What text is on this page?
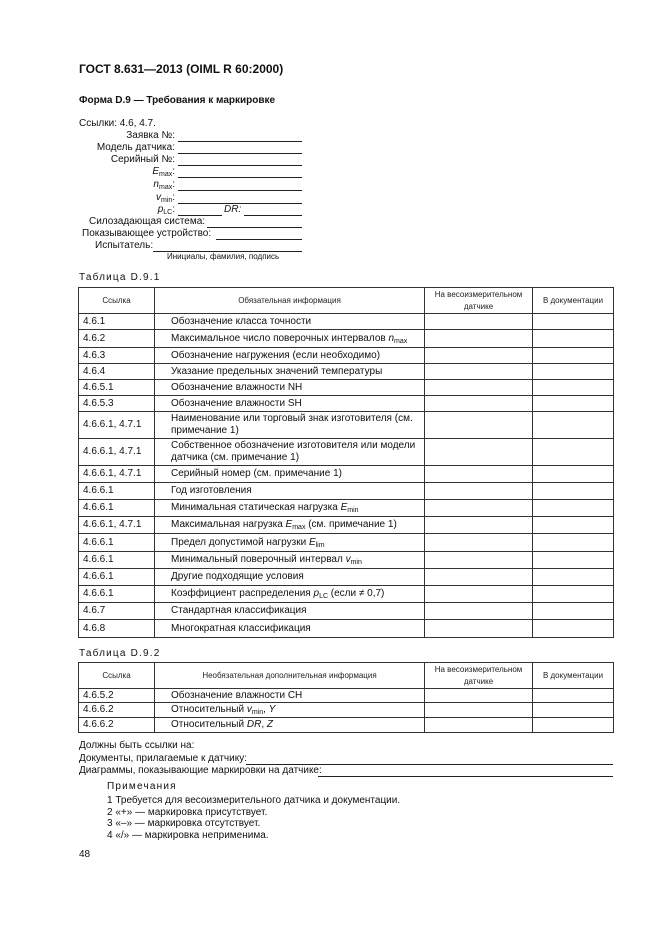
ГОСТ 8.631—2013 (OIML R 60:2000)
Форма D.9 — Требования к маркировке
Ссылки: 4.6, 4.7.
Заявка №:
Модель датчика:
Серийный №:
$E_{max}$:
$n_{max}$:
$v_{min}$:
$p_{LC}$:	DR:
Силозадающая система:
Показывающее устройство:
Испытатель:
Инициалы, фамилия, подпись
Таблица D.9.1
Ссылка	Обязательная информация	На весоизмерительном датчике	В документации
4.6.1	Обозначение класса точности		
4.6.2	Максимальное число поверочных интервалов $n_{max}$		
4.6.3	Обозначение нагружения (если необходимо)		
4.6.4	Указание предельных значений температуры		
4.6.5.1	Обозначение влажности NH		
4.6.5.3	Обозначение влажности SH		
4.6.6.1, 4.7.1	Наименование или торговый знак изготовителя (см. примечание 1)		
4.6.6.1, 4.7.1	Собственное обозначение изготовителя или модели датчика (см. примечание 1)		
4.6.6.1, 4.7.1	Серийный номер (см. примечание 1)		
4.6.6.1	Год изготовления		
4.6.6.1	Минимальная статическая нагрузка $E_{min}$		
4.6.6.1, 4.7.1	Максимальная нагрузка $E_{max}$ (см. примечание 1)		
4.6.6.1	Предел допустимой нагрузки $E_{lim}$		
4.6.6.1	Минимальный поверочный интервал $v_{min}$		
4.6.6.1	Другие подходящие условия		
4.6.6.1	Коэффициент распределения $p_{LC}$ (если ≠ 0,7)		
4.6.7	Стандартная классификация		
4.6.8	Многократная классификация		
Таблица D.9.2
Ссылка	Необязательная дополнительная информация	На весоизмерительном датчике	В документации
4.6.5.2	Обозначение влажности CH		
4.6.6.2	Относительный $v_{min}$, Y		
4.6.6.2	Относительный DR, Z		
Должны быть ссылки на:
Документы, прилагаемые к датчику:
Диаграммы, показывающие маркировки на датчике:
Примечания
1 Требуется для весоизмерительного датчика и документации.
2 «+» — маркировка присутствует.
3 «–» — маркировка отсутствует.
4 «/» — маркировка неприменима.
48
